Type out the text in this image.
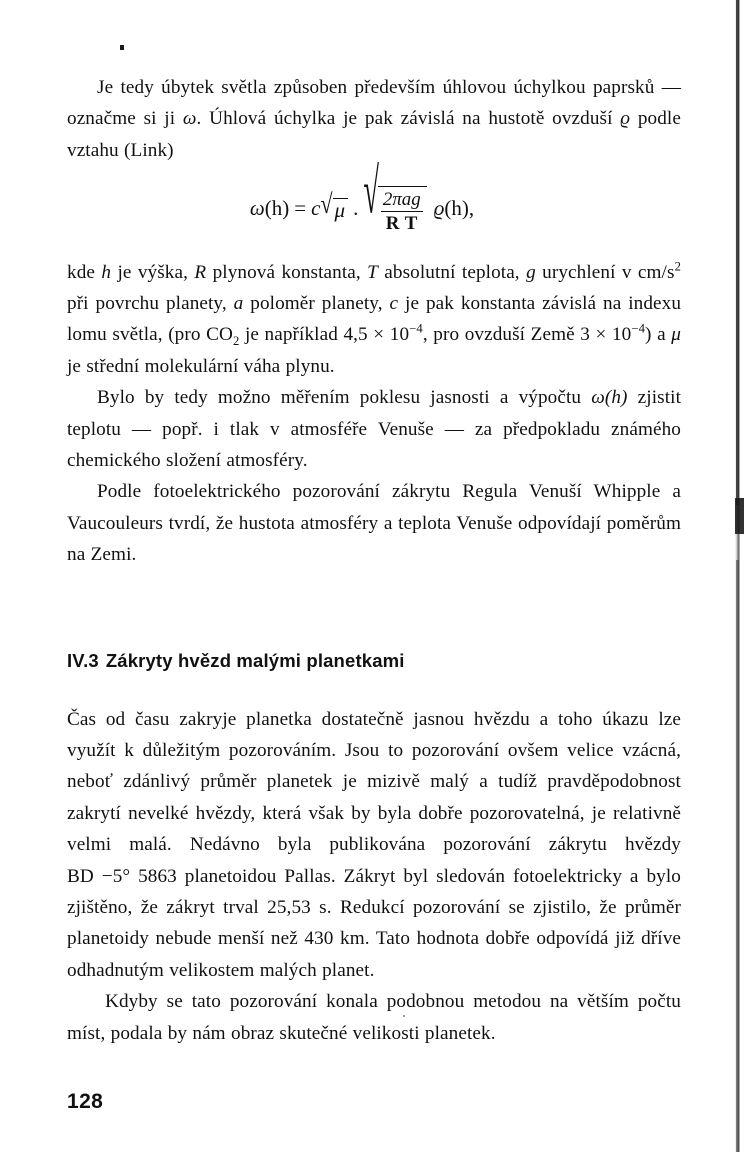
Je tedy úbytek světla způsoben především úhlovou úchylkou paprsků — označme si ji ω. Úhlová úchylka je pak závislá na hustotě ovzduší ϱ podle vztahu (Link)

ω(h) = c √ μ . √ $\frac{\text{2πag}}{\text{R T}} ϱ(h)$,

kde h je výška, R plynová konstanta, T absolutní teplota, g urychlení v $cm/s^2$ při povrchu planety, a poloměr planety, c je pak konstanta závislá na indexu lomu světla, (pro $CO_2$ je například $4,5 \times 10^{-4}$, pro ovzduší Země $3 \times 10^{-4}$) a μ je střední molekulární váha plynu.

Bylo by tedy možno měřením poklesu jasnosti a výpočtu ω(h) zjistit teplotu — popř. i tlak v atmosféře Venuše — za předpokladu známého chemického složení atmosféry.

Podle fotoelektrického pozorování zákrytu Regula Venuší Whipple a Vaucouleurs tvrdí, že hustota atmosféry a teplota Venuše odpovídají poměrům na Zemi.

IV.3 Zákryty hvězd malými planetkami

Čas od času zakryje planetka dostatečně jasnou hvězdu a toho úkazu lze využít k důležitým pozorováním. Jsou to pozorování ovšem velice vzácná, neboť zdánlivý průměr planetek je mizivě malý a tudíž pravděpodobnost zakrytí nevelké hvězdy, která však by byla dobře pozorovatelná, je relativně velmi malá. Nedávno byla publikována pozorování zákrytu hvězdy BD −5° 5863 planetoidou Pallas. Zákryt byl sledován fotoelektricky a bylo zjištěno, že zákryt trval 25,53 s. Redukcí pozorování se zjistilo, že průměr planetoidy nebude menší než 430 km. Tato hodnota dobře odpovídá již dříve odhadnutým velikostem malých planet.

Kdyby se tato pozorování konala podobnou metodou na větším počtu míst, podala by nám obraz skutečné velikosti planetek.

128
